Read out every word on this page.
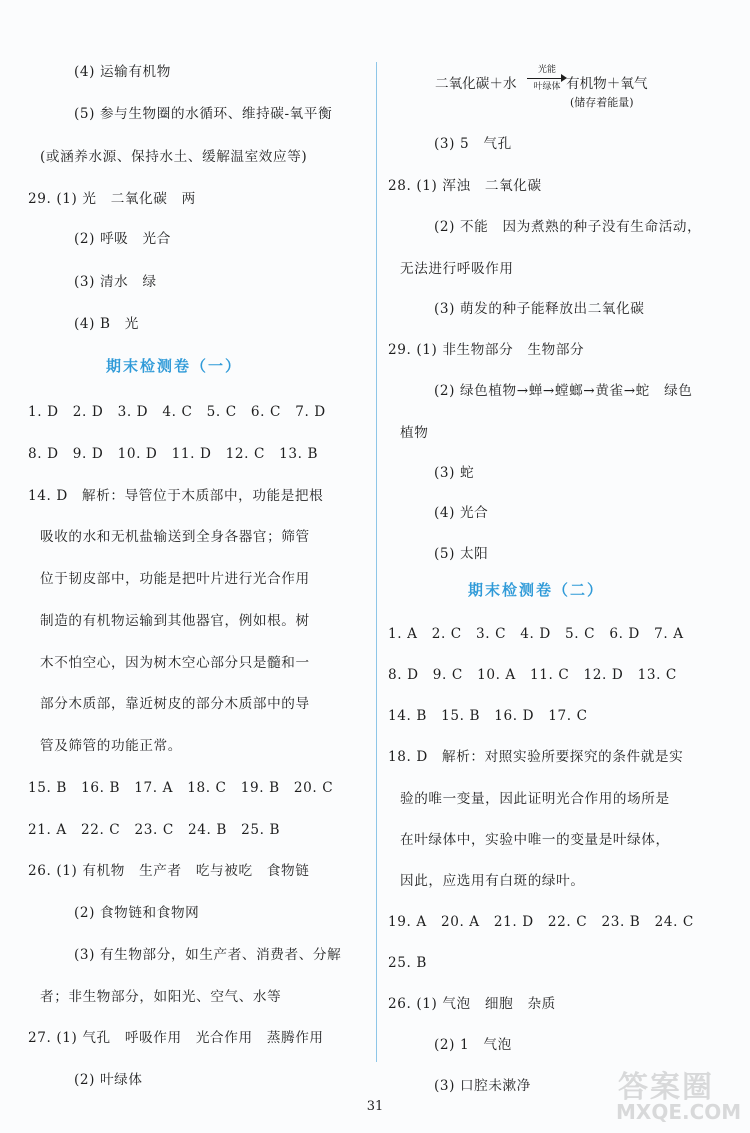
(4) 运输有机物
(5) 参与生物圈的水循环、维持碳-氧平衡
(或涵养水源、保持水土、缓解温室效应等)
29. (1) 光　二氧化碳　两
(2) 呼吸　光合
(3) 清水　绿
(4) B　光
期末检测卷（一）
1. D　2. D　3. D　4. C　5. C　6. C　7. D
8. D　9. D　10. D　11. D　12. C　13. B
14. D　解析：导管位于木质部中，功能是把根
吸收的水和无机盐输送到全身各器官；筛管
位于韧皮部中，功能是把叶片进行光合作用
制造的有机物运输到其他器官，例如根。树
木不怕空心，因为树木空心部分只是髓和一
部分木质部，靠近树皮的部分木质部中的导
管及筛管的功能正常。
15. B　16. B　17. A　18. C　19. B　20. C
21. A　22. C　23. C　24. B　25. B
26. (1) 有机物　生产者　吃与被吃　食物链
(2) 食物链和食物网
(3) 有生物部分，如生产者、消费者、分解
者；非生物部分，如阳光、空气、水等
27. (1) 气孔　呼吸作用　光合作用　蒸腾作用
(2) 叶绿体
二氧化碳＋水
光能
叶绿体 有机物＋氧气
(储存着能量)
(3) 5　气孔
28. (1) 浑浊　二氧化碳
(2) 不能　因为煮熟的种子没有生命活动，
无法进行呼吸作用
(3) 萌发的种子能释放出二氧化碳
29. (1) 非生物部分　生物部分
(2) 绿色植物→蝉→螳螂→黄雀→蛇　绿色
植物
(3) 蛇
(4) 光合
(5) 太阳
期末检测卷（二）
1. A　2. C　3. C　4. D　5. C　6. D　7. A
8. D　9. C　10. A　11. C　12. D　13. C
14. B　15. B　16. D　17. C
18. D　解析：对照实验所要探究的条件就是实
验的唯一变量，因此证明光合作用的场所是
在叶绿体中，实验中唯一的变量是叶绿体，
因此，应选用有白斑的绿叶。
19. A　20. A　21. D　22. C　23. B　24. C
25. B
26. (1) 气泡　细胞　杂质
(2) 1　气泡
(3) 口腔未漱净
31
答案圈
MXQE.COM
